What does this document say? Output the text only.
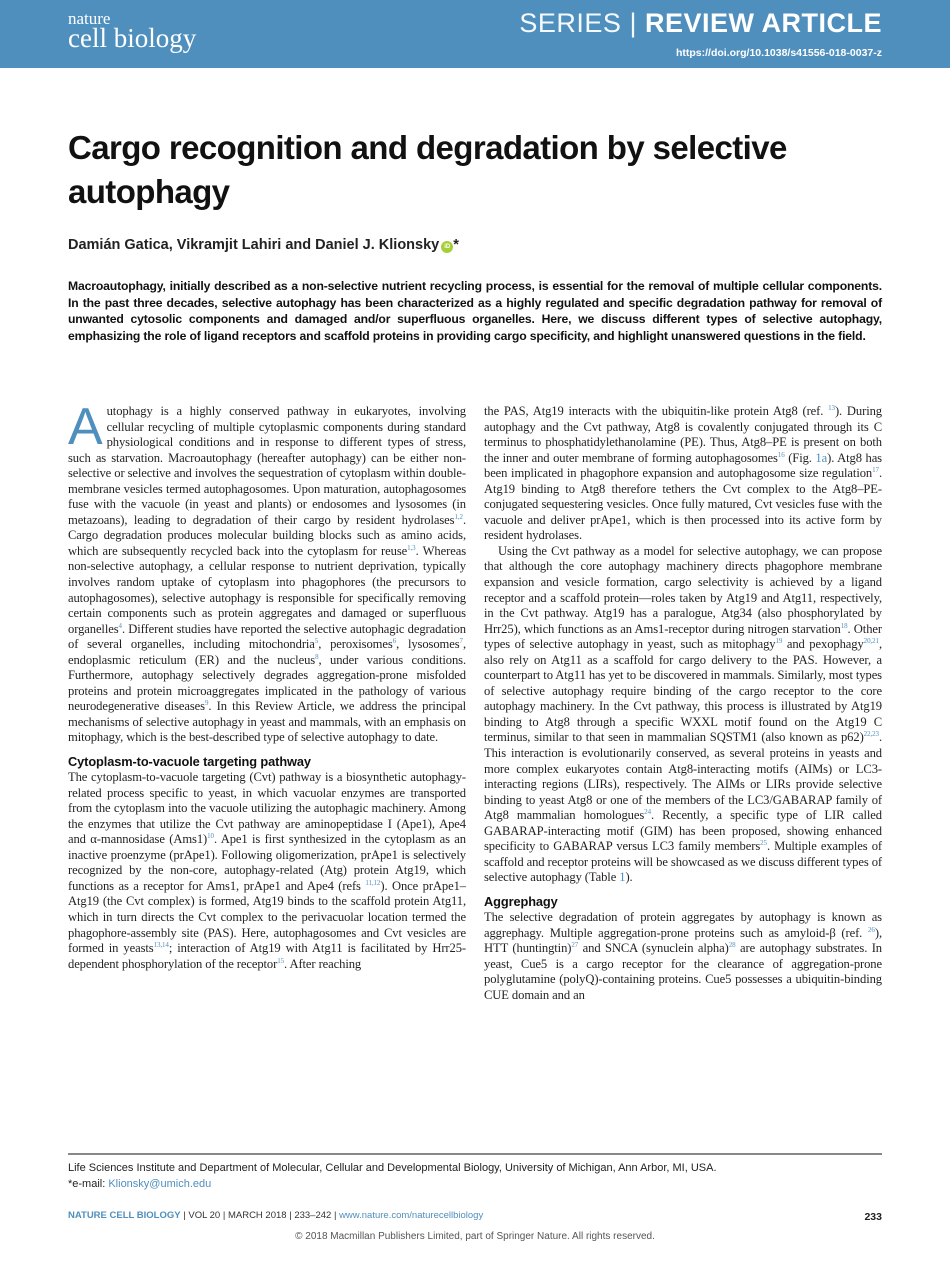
nature
cell biology	SERIES | REVIEW ARTICLE
https://doi.org/10.1038/s41556-018-0037-z
Cargo recognition and degradation by selective autophagy
Damián Gatica, Vikramjit Lahiri and Daniel J. Klionsky iD *
Macroautophagy, initially described as a non-selective nutrient recycling process, is essential for the removal of multiple cellular components. In the past three decades, selective autophagy has been characterized as a highly regulated and specific degradation pathway for removal of unwanted cytosolic components and damaged and/or superfluous organelles. Here, we discuss different types of selective autophagy, emphasizing the role of ligand receptors and scaffold proteins in providing cargo specificity, and highlight unanswered questions in the field.

Autophagy is a highly conserved pathway in eukaryotes, involving cellular recycling of multiple cytoplasmic components during standard physiological conditions and in response to different types of stress, such as starvation. Macroautophagy (hereafter autophagy) can be either non-selective or selective and involves the sequestration of cytoplasm within double-membrane vesicles termed autophagosomes. Upon maturation, autophagosomes fuse with the vacuole (in yeast and plants) or endosomes and lysosomes (in metazoans), leading to degradation of their cargo by resident hydrolases$^{1,2}$. Cargo degradation produces molecular building blocks such as amino acids, which are subsequently recycled back into the cytoplasm for reuse$^{1,3}$. Whereas non-selective autophagy, a cellular response to nutrient deprivation, typically involves random uptake of cytoplasm into phagophores (the precursors to autophagosomes), selective autophagy is responsible for specifically removing certain components such as protein aggregates and damaged or superfluous organelles$^4$. Different studies have reported the selective autophagic degradation of several organelles, including mitochondria$^5$, peroxisomes$^6$, lysosomes$^7$, endoplasmic reticulum (ER) and the nucleus$^8$, under various conditions. Furthermore, autophagy selectively degrades aggregation-prone misfolded proteins and protein microaggregates implicated in the pathology of various neurodegenerative diseases$^9$. In this Review Article, we address the principal mechanisms of selective autophagy in yeast and mammals, with an emphasis on mitophagy, which is the best-described type of selective autophagy to date.

Cytoplasm-to-vacuole targeting pathway

The cytoplasm-to-vacuole targeting (Cvt) pathway is a biosynthetic autophagy-related process specific to yeast, in which vacuolar enzymes are transported from the cytoplasm into the vacuole utilizing the autophagic machinery. Among the enzymes that utilize the Cvt pathway are aminopeptidase I (Ape1), Ape4 and α-mannosidase $(Ams1)^{10}$. Ape1 is first synthesized in the cytoplasm as an inactive proenzyme (prApe1). Following oligomerization, prApe1 is selectively recognized by the non-core, autophagy-related (Atg) protein Atg19, which functions as a receptor for Ams1, prApe1 and Ape4 (refs $^{11,12}$). Once prApe1–Atg19 (the Cvt complex) is formed, Atg19 binds to the scaffold protein Atg11, which in turn directs the Cvt complex to the perivacuolar location termed the phagophore-assembly site (PAS). Here, autophagosomes and Cvt vesicles are formed in yeasts$^{13,14}$; interaction of Atg19 with Atg11 is facilitated by Hrr25-dependent phosphorylation of the receptor$^{15}$. After reaching

the PAS, Atg19 interacts with the ubiquitin-like protein Atg8 (ref. $^{13}$). During autophagy and the Cvt pathway, Atg8 is covalently conjugated through its C terminus to phosphatidylethanolamine (PE). Thus, Atg8–PE is present on both the inner and outer membrane of forming autophagosomes$^{16}$ (Fig. 1a). Atg8 has been implicated in phagophore expansion and autophagosome size regulation$^{17}$. Atg19 binding to Atg8 therefore tethers the Cvt complex to the Atg8–PE-conjugated sequestering vesicles. Once fully matured, Cvt vesicles fuse with the vacuole and deliver prApe1, which is then processed into its active form by resident hydrolases.

Using the Cvt pathway as a model for selective autophagy, we can propose that although the core autophagy machinery directs phagophore membrane expansion and vesicle formation, cargo selectivity is achieved by a ligand receptor and a scaffold protein—roles taken by Atg19 and Atg11, respectively, in the Cvt pathway. Atg19 has a paralogue, Atg34 (also phosphorylated by Hrr25), which functions as an Ams1-receptor during nitrogen starvation$^{18}$. Other types of selective autophagy in yeast, such as mitophagy$^{19}$ and pexophagy$^{20,21}$, also rely on Atg11 as a scaffold for cargo delivery to the PAS. However, a counterpart to Atg11 has yet to be discovered in mammals. Similarly, most types of selective autophagy require binding of the cargo receptor to the core autophagy machinery. In the Cvt pathway, this process is illustrated by Atg19 binding to Atg8 through a specific WXXL motif found on the Atg19 C terminus, similar to that seen in mammalian SQSTM1 (also known as p62)$^{22,23}$. This interaction is evolutionarily conserved, as several proteins in yeasts and more complex eukaryotes contain Atg8-interacting motifs (AIMs) or LC3-interacting regions (LIRs), respectively. The AIMs or LIRs provide selective binding to yeast Atg8 or one of the members of the LC3/GABARAP family of Atg8 mammalian homologues$^{24}$. Recently, a specific type of LIR called GABARAP-interacting motif (GIM) has been proposed, showing enhanced specificity to GABARAP versus LC3 family members$^{25}$. Multiple examples of scaffold and receptor proteins will be showcased as we discuss different types of selective autophagy (Table 1).

Aggrephagy

The selective degradation of protein aggregates by autophagy is known as aggrephagy. Multiple aggregation-prone proteins such as amyloid-β (ref. $^{26}$), HTT (huntingtin)$^{27}$ and SNCA (synuclein alpha)$^{28}$ are autophagy substrates. In yeast, Cue5 is a cargo receptor for the clearance of aggregation-prone polyglutamine (polyQ)-containing proteins. Cue5 possesses a ubiquitin-binding CUE domain and an

Life Sciences Institute and Department of Molecular, Cellular and Developmental Biology, University of Michigan, Ann Arbor, MI, USA.
*e-mail: Klionsky@umich.edu
NATURE CELL BIOLOGY | VOL 20 | MARCH 2018 | 233–242 | www.nature.com/naturecellbiology	233
© 2018 Macmillan Publishers Limited, part of Springer Nature. All rights reserved.
